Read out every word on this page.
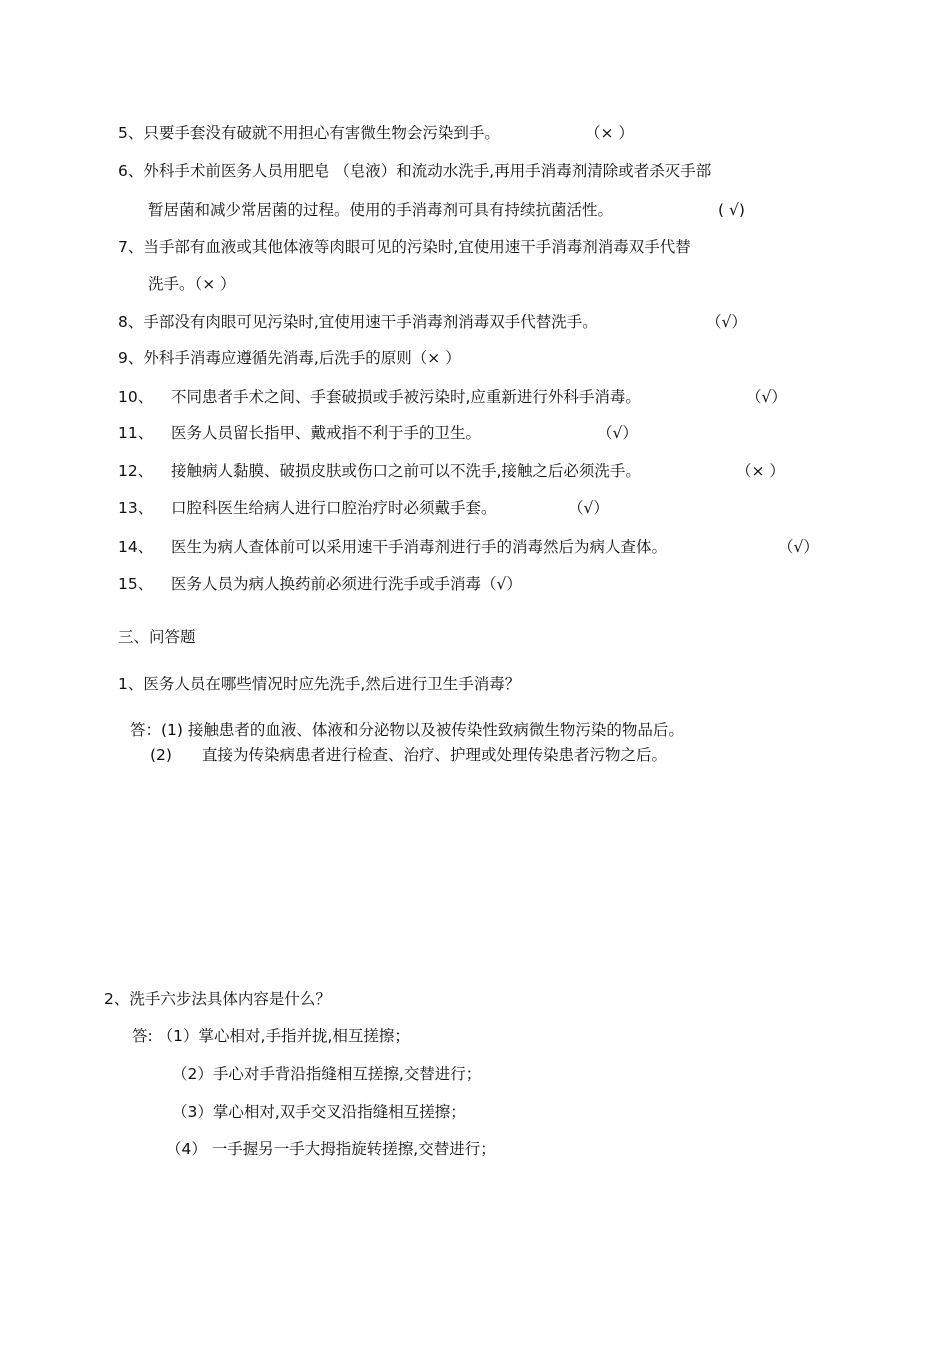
5、只要手套没有破就不用担心有害微生物会污染到手。	（× ）
6、外科手术前医务人员用肥皂 （皂液）和流动水洗手,再用手消毒剂清除或者杀灭手部
暂居菌和减少常居菌的过程。使用的手消毒剂可具有持续抗菌活性。	( √)
7、当手部有血液或其他体液等肉眼可见的污染时,宜使用速干手消毒剂消毒双手代替
洗手。（× ）
8、手部没有肉眼可见污染时,宜使用速干手消毒剂消毒双手代替洗手。	（√）
9、外科手消毒应遵循先消毒,后洗手的原则（× ）
10、 不同患者手术之间、手套破损或手被污染时,应重新进行外科手消毒。	（√）
11、 医务人员留长指甲、戴戒指不利于手的卫生。	（√）
12、 接触病人黏膜、破损皮肤或伤口之前可以不洗手,接触之后必须洗手。	（× ）
13、 口腔科医生给病人进行口腔治疗时必须戴手套。	（√）
14、 医生为病人查体前可以采用速干手消毒剂进行手的消毒然后为病人查体。	（√）
15、 医务人员为病人换药前必须进行洗手或手消毒（√）
三、问答题
1、医务人员在哪些情况时应先洗手,然后进行卫生手消毒？
答：(1) 接触患者的血液、体液和分泌物以及被传染性致病微生物污染的物品后。
(2) 直接为传染病患者进行检查、治疗、护理或处理传染患者污物之后。
2、洗手六步法具体内容是什么？
答: （1）掌心相对,手指并拢,相互搓擦；
（2）手心对手背沿指缝相互搓擦,交替进行；
（3）掌心相对,双手交叉沿指缝相互搓擦；
（4） 一手握另一手大拇指旋转搓擦,交替进行；
